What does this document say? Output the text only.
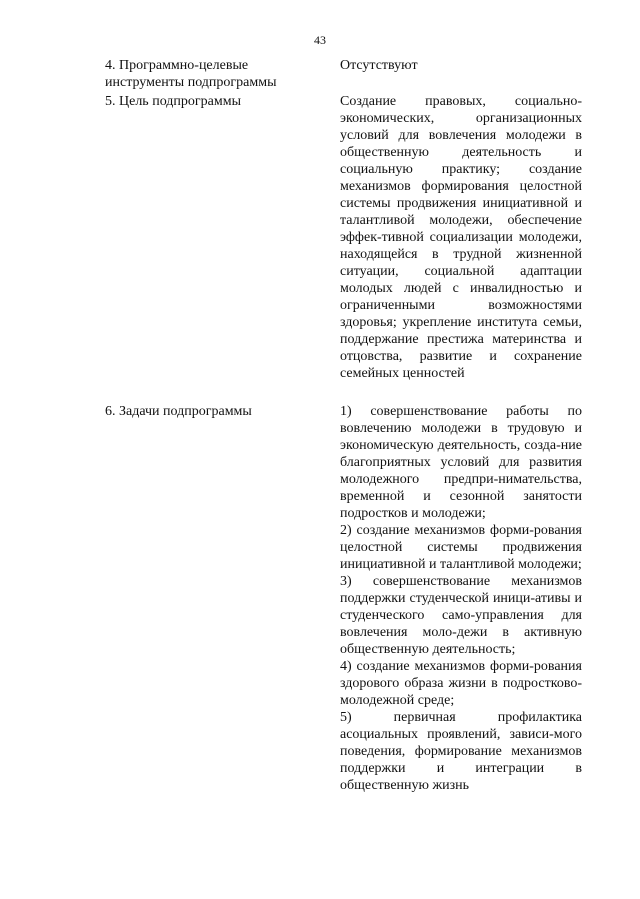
43
4. Программно-целевые инструменты подпрограммы
Отсутствуют
5. Цель подпрограммы	Создание правовых, социально-экономических, организационных условий для вовлечения молодежи в общественную деятельность и социальную практику; создание механизмов формирования целостной системы продвижения инициативной и талантливой молодежи, обеспечение эффек-тивной социализации молодежи, находящейся в трудной жизненной ситуации, социальной адаптации молодых людей с инвалидностью и ограниченными возможностями здоровья; укрепление института семьи, поддержание престижа материнства и отцовства, развитие и сохранение семейных ценностей
6. Задачи подпрограммы	1) совершенствование работы по вовлечению молодежи в трудовую и экономическую деятельность, созда-ние благоприятных условий для развития молодежного предпри-нимательства, временной и сезонной занятости подростков и молодежи;
2) создание механизмов форми-рования целостной системы продвижения инициативной и талантливой молодежи;
3) совершенствование механизмов поддержки студенческой иници-ативы и студенческого само-управления для вовлечения моло-дежи в активную общественную деятельность;
4) создание механизмов форми-рования здорового образа жизни в подростково-молодежной среде;
5) первичная профилактика асоциальных проявлений, зависи-мого поведения, формирование механизмов поддержки и интеграции в общественную жизнь
